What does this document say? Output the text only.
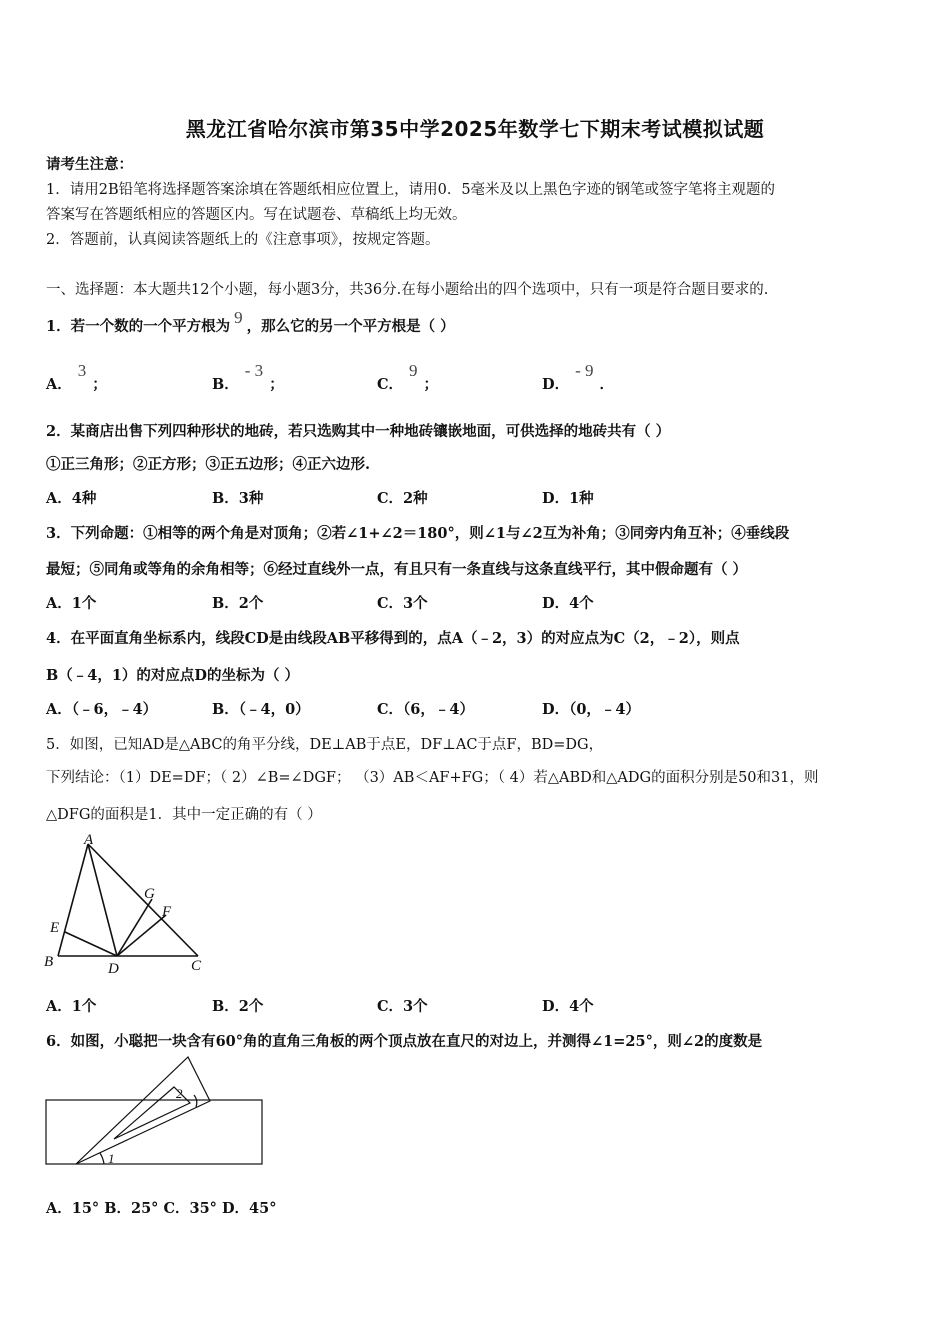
黑龙江省哈尔滨市第35中学2025年数学七下期末考试模拟试题
请考生注意：
1．请用2B铅笔将选择题答案涂填在答题纸相应位置上，请用0．5毫米及以上黑色字迹的钢笔或签字笔将主观题的
答案写在答题纸相应的答题区内。写在试题卷、草稿纸上均无效。
2．答题前，认真阅读答题纸上的《注意事项》，按规定答题。
一、选择题：本大题共12个小题，每小题3分，共36分.在每小题给出的四个选项中，只有一项是符合题目要求的.
1．若一个数的一个平方根为 9 ，那么它的另一个平方根是（ ）
A．3；	B．- 3；	C．9；	D．- 9．
2．某商店出售下列四种形状的地砖，若只选购其中一种地砖镶嵌地面，可供选择的地砖共有（ ）
①正三角形；②正方形；③正五边形；④正六边形.
A．4种	B．3种	C．2种	D．1种
3．下列命题：①相等的两个角是对顶角；②若∠1+∠2＝180°，则∠1与∠2互为补角；③同旁内角互补；④垂线段
最短；⑤同角或等角的余角相等；⑥经过直线外一点，有且只有一条直线与这条直线平行，其中假命题有（ ）
A．1个	B．2个	C．3个	D．4个
4．在平面直角坐标系内，线段CD是由线段AB平移得到的，点A（﹣2，3）的对应点为C（2，﹣2），则点
B（﹣4，1）的对应点D的坐标为（ ）
A．（﹣6，﹣4）	B．（﹣4，0）	C．（6，﹣4）	D．（0，﹣4）
5．如图，已知AD是△ABC的角平分线，DE⊥AB于点E，DF⊥AC于点F，BD=DG，
下列结论：（1）DE=DF；（ 2）∠B=∠DGF； （3）AB＜AF+FG；（ 4）若△ABD和△ADG的面积分别是50和31，则
△DFG的面积是1．其中一定正确的有（ ）
A
B	C
D
E
F
G
A．1个	B．2个	C．3个	D．4个
6．如图，小聪把一块含有60°角的直角三角板的两个顶点放在直尺的对边上，并测得∠1=25°，则∠2的度数是
1
2
A．15° B．25° C．35° D．45°
